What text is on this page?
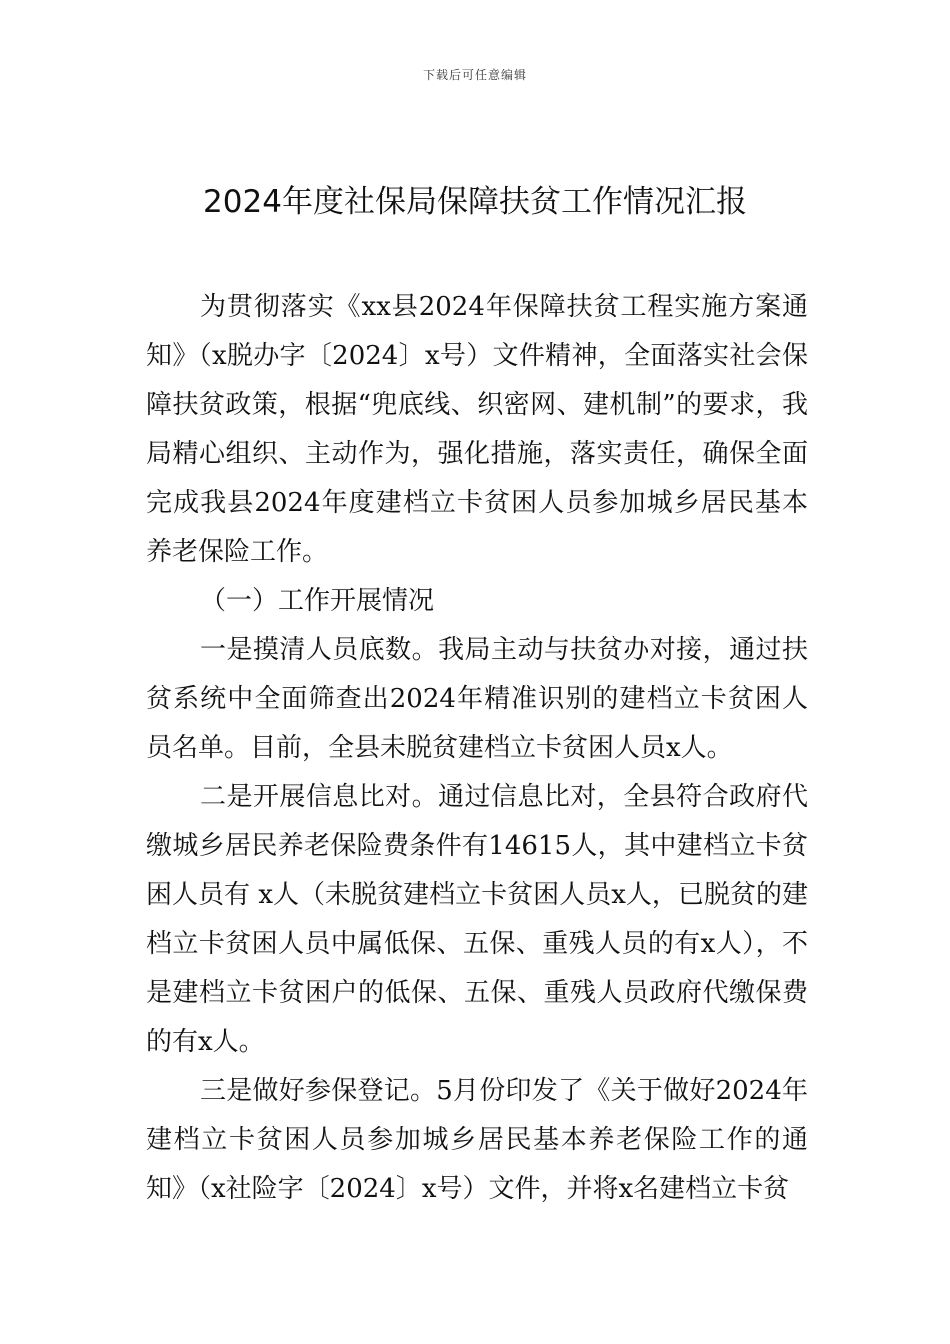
下载后可任意编辑
2024年度社保局保障扶贫工作情况汇报

为贯彻落实《xx县2024年保障扶贫工程实施方案通知》（x脱办字〔2024〕x号）文件精神，全面落实社会保障扶贫政策，根据“兜底线、织密网、建机制”的要求，我局精心组织、主动作为，强化措施，落实责任，确保全面完成我县2024年度建档立卡贫困人员参加城乡居民基本养老保险工作。

（一）工作开展情况

一是摸清人员底数。我局主动与扶贫办对接，通过扶贫系统中全面筛查出2024年精准识别的建档立卡贫困人员名单。目前，全县未脱贫建档立卡贫困人员x人。

二是开展信息比对。通过信息比对，全县符合政府代缴城乡居民养老保险费条件有14615人，其中建档立卡贫困人员有 x人（未脱贫建档立卡贫困人员x人，已脱贫的建档立卡贫困人员中属低保、五保、重残人员的有x人），不是建档立卡贫困户的低保、五保、重残人员政府代缴保费的有x人。

三是做好参保登记。5月份印发了《关于做好2024年建档立卡贫困人员参加城乡居民基本养老保险工作的通知》（x社险字〔2024〕x号）文件，并将x名建档立卡贫
